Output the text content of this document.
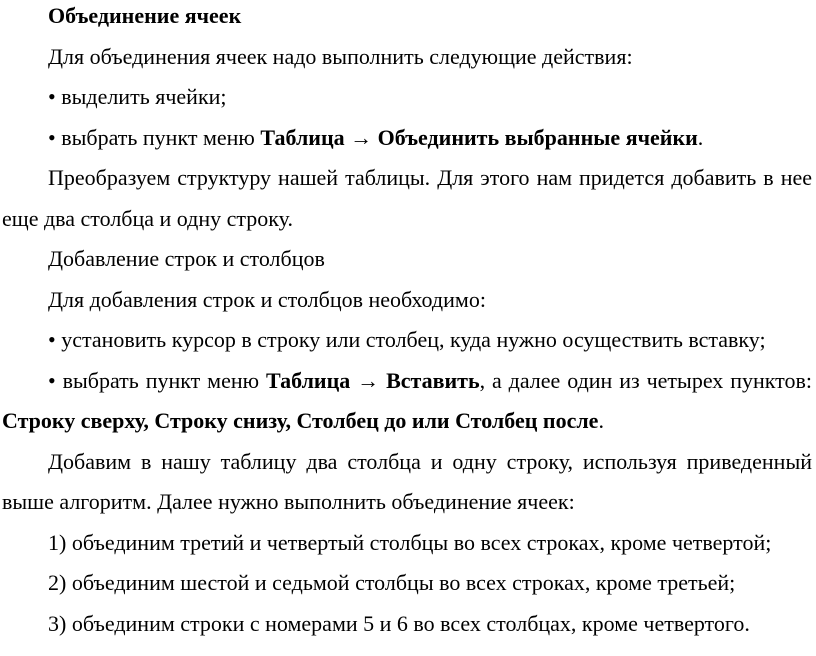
Объединение ячеек

Для объединения ячеек надо выполнить следующие действия:

• выделить ячейки;

• выбрать пункт меню Таблица → Объединить выбранные ячейки.

Преобразуем структуру нашей таблицы. Для этого нам придется добавить в нее еще два столбца и одну строку.

Добавление строк и столбцов

Для добавления строк и столбцов необходимо:

• установить курсор в строку или столбец, куда нужно осуществить вставку;

• выбрать пункт меню Таблица → Вставить, а далее один из четырех пунктов: Строку сверху, Строку снизу, Столбец до или Столбец после.

Добавим в нашу таблицу два столбца и одну строку, используя приведенный выше алгоритм. Далее нужно выполнить объединение ячеек:

1) объединим третий и четвертый столбцы во всех строках, кроме четвертой;

2) объединим шестой и седьмой столбцы во всех строках, кроме третьей;

3) объединим строки с номерами 5 и 6 во всех столбцах, кроме четвертого.
